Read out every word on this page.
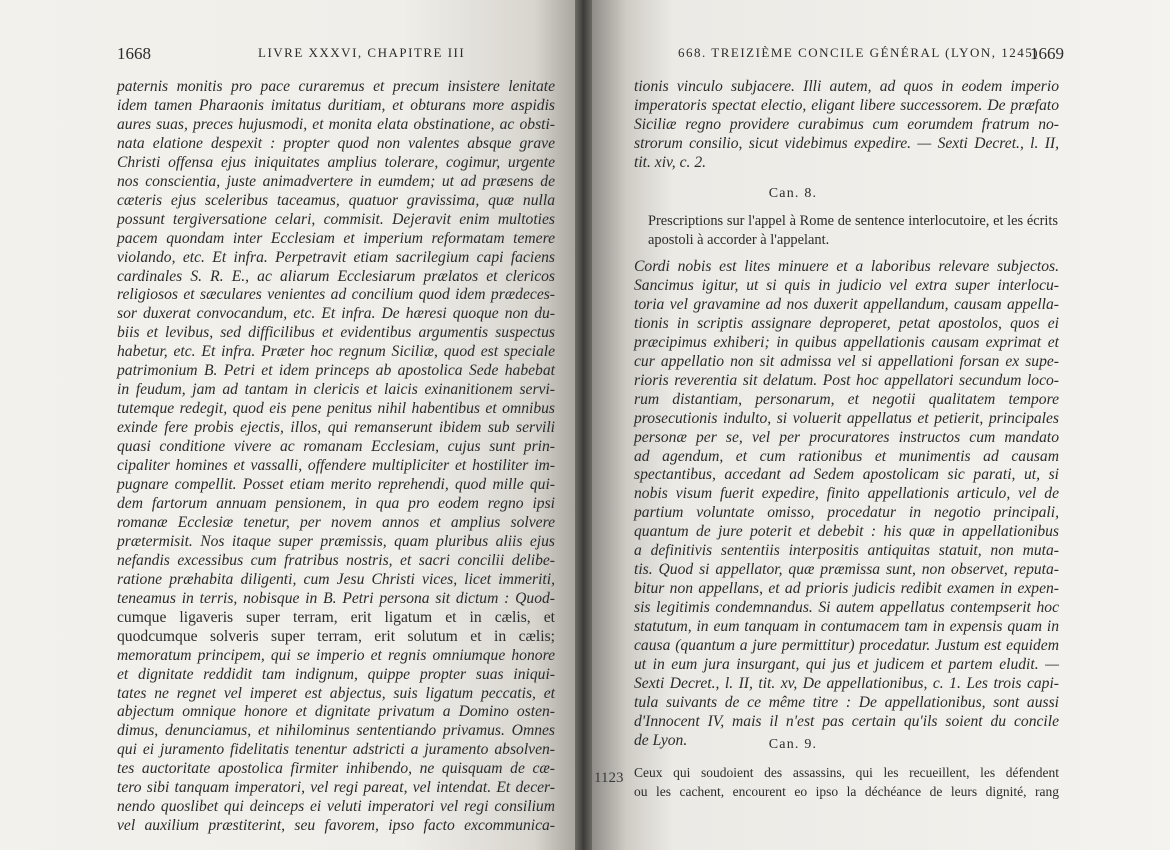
1668	LIVRE XXXVI, CHAPITRE III
paternis monitis pro pace curaremus et precum insistere lenitate
idem tamen Pharaonis imitatus duritiam, et obturans more aspidis
aures suas, preces hujusmodi, et monita elata obstinatione, ac obsti-
nata elatione despexit : propter quod non valentes absque grave
Christi offensa ejus iniquitates amplius tolerare, cogimur, urgente
nos conscientia, juste animadvertere in eumdem; ut ad præsens de
cæteris ejus sceleribus taceamus, quatuor gravissima, quæ nulla
possunt tergiversatione celari, commisit. Dejeravit enim multoties
pacem quondam inter Ecclesiam et imperium reformatam temere
violando, etc. Et infra. Perpetravit etiam sacrilegium capi faciens
cardinales S. R. E., ac aliarum Ecclesiarum prælatos et clericos
religiosos et sæculares venientes ad concilium quod idem prædeces-
sor duxerat convocandum, etc. Et infra. De hæresi quoque non du-
biis et levibus, sed difficilibus et evidentibus argumentis suspectus
habetur, etc. Et infra. Præter hoc regnum Siciliæ, quod est speciale
patrimonium B. Petri et idem princeps ab apostolica Sede habebat
in feudum, jam ad tantam in clericis et laicis exinanitionem servi-
tutemque redegit, quod eis pene penitus nihil habentibus et omnibus
exinde fere probis ejectis, illos, qui remanserunt ibidem sub servili
quasi conditione vivere ac romanam Ecclesiam, cujus sunt prin-
cipaliter homines et vassalli, offendere multipliciter et hostiliter im-
pugnare compellit. Posset etiam merito reprehendi, quod mille qui-
dem fartorum annuam pensionem, in qua pro eodem regno ipsi
romanæ Ecclesiæ tenetur, per novem annos et amplius solvere
prætermisit. Nos itaque super præmissis, quam pluribus aliis ejus
nefandis excessibus cum fratribus nostris, et sacri concilii delibe-
ratione præhabita diligenti, cum Jesu Christi vices, licet immeriti,
teneamus in terris, nobisque in B. Petri persona sit dictum : Quod-
cumque ligaveris super terram, erit ligatum et in cælis, et
quodcumque solveris super terram, erit solutum et in cælis;
memoratum principem, qui se imperio et regnis omniumque honore
et dignitate reddidit tam indignum, quippe propter suas iniqui-
tates ne regnet vel imperet est abjectus, suis ligatum peccatis, et
abjectum omnique honore et dignitate privatum a Domino osten-
dimus, denunciamus, et nihilominus sententiando privamus. Omnes
qui ei juramento fidelitatis tenentur adstricti a juramento absolven-
tes auctoritate apostolica firmiter inhibendo, ne quisquam de cæ-
tero sibi tanquam imperatori, vel regi pareat, vel intendat. Et decer-
nendo quoslibet qui deinceps ei veluti imperatori vel regi consilium
vel auxilium præstiterint, seu favorem, ipso facto excommunica-
668. TREIZIÈME CONCILE GÉNÉRAL (LYON, 1245)
1669
tionis vinculo subjacere. Illi autem, ad quos in eodem imperio
imperatoris spectat electio, eligant libere successorem. De præfato
Siciliæ regno providere curabimus cum eorumdem fratrum no-
strorum consilio, sicut videbimus expedire. — Sexti Decret., l. II,
tit. xiv, c. 2.
Can. 8.
Prescriptions sur l'appel à Rome de sentence interlocutoire, et les écrits
apostoli à accorder à l'appelant.
Cordi nobis est lites minuere et a laboribus relevare subjectos.
Sancimus igitur, ut si quis in judicio vel extra super interlocu-
toria vel gravamine ad nos duxerit appellandum, causam appella-
tionis in scriptis assignare deproperet, petat apostolos, quos ei
præcipimus exhiberi; in quibus appellationis causam exprimat et
cur appellatio non sit admissa vel si appellationi forsan ex supe-
rioris reverentia sit delatum. Post hoc appellatori secundum loco-
rum distantiam, personarum, et negotii qualitatem tempore
prosecutionis indulto, si voluerit appellatus et petierit, principales
personæ per se, vel per procuratores instructos cum mandato
ad agendum, et cum rationibus et munimentis ad causam
spectantibus, accedant ad Sedem apostolicam sic parati, ut, si
nobis visum fuerit expedire, finito appellationis articulo, vel de
partium voluntate omisso, procedatur in negotio principali,
quantum de jure poterit et debebit : his quæ in appellationibus
a definitivis sententiis interpositis antiquitas statuit, non muta-
tis. Quod si appellator, quæ præmissa sunt, non observet, reputa-
bitur non appellans, et ad prioris judicis redibit examen in expen-
sis legitimis condemnandus. Si autem appellatus contempserit hoc
statutum, in eum tanquam in contumacem tam in expensis quam in
causa (quantum a jure permittitur) procedatur. Justum est equidem
ut in eum jura insurgant, qui jus et judicem et partem eludit. —
Sexti Decret., l. II, tit. xv, De appellationibus, c. 1. Les trois capi-
tula suivants de ce même titre : De appellationibus, sont aussi
d'Innocent IV, mais il n'est pas certain qu'ils soient du concile
de Lyon.	Can. 9.
1123 Ceux qui soudoient des assassins, qui les recueillent, les défendent
ou les cachent, encourent eo ipso la déchéance de leurs dignité, rang
